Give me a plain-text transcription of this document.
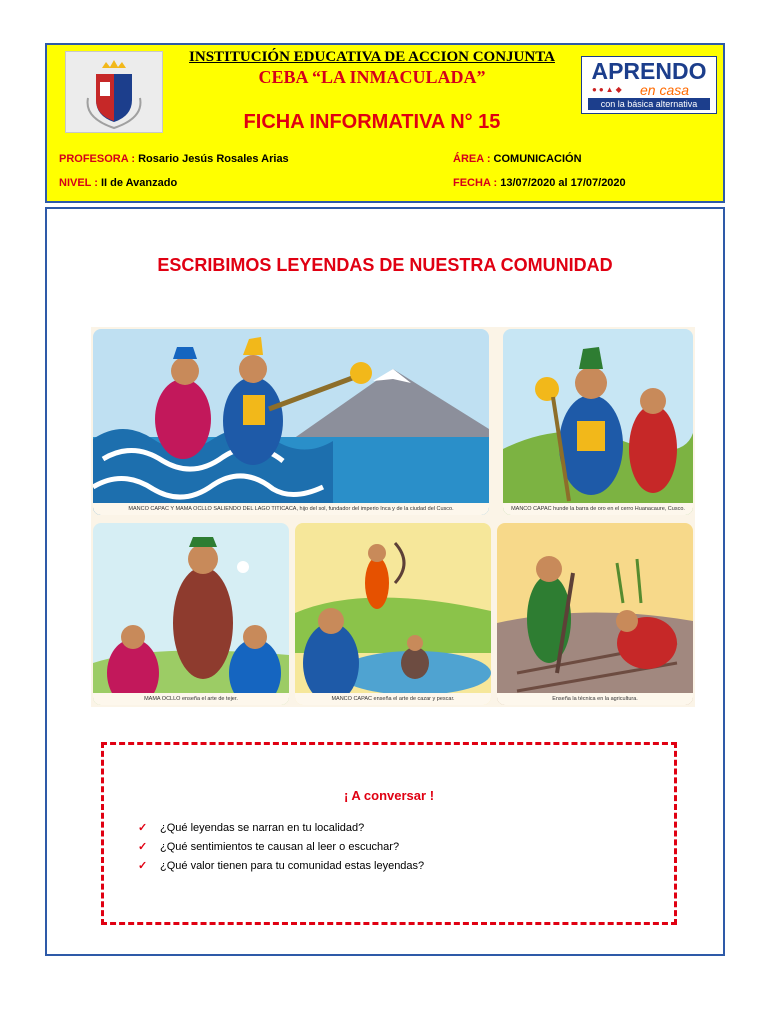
INSTITUCIÓN EDUCATIVA DE ACCION CONJUNTA
CEBA “LA INMACULADA”
FICHA INFORMATIVA N° 15
APRENDO
●●▲◆ en casa
con la básica alternativa
PROFESORA : Rosario Jesús Rosales Arias	ÁREA : COMUNICACIÓN
NIVEL : II de Avanzado	FECHA : 13/07/2020 al 17/07/2020
ESCRIBIMOS LEYENDAS DE NUESTRA COMUNIDAD
MANCO CAPAC Y MAMA OCLLO SALIENDO DEL LAGO TITICACA, hijo del sol, fundador del imperio Inca y de la ciudad del Cusco.	MANCO CAPAC hunde la barra de oro en el cerro Huanacaure, Cusco.
MAMA OCLLO enseña el arte de tejer.	MANCO CAPAC enseña el arte de cazar y pescar.	Enseña la técnica en la agricultura.
¡ A conversar !
✓ ¿Qué leyendas se narran en tu localidad?
✓ ¿Qué sentimientos te causan al leer o escuchar?
✓ ¿Qué valor tienen para tu comunidad estas leyendas?
